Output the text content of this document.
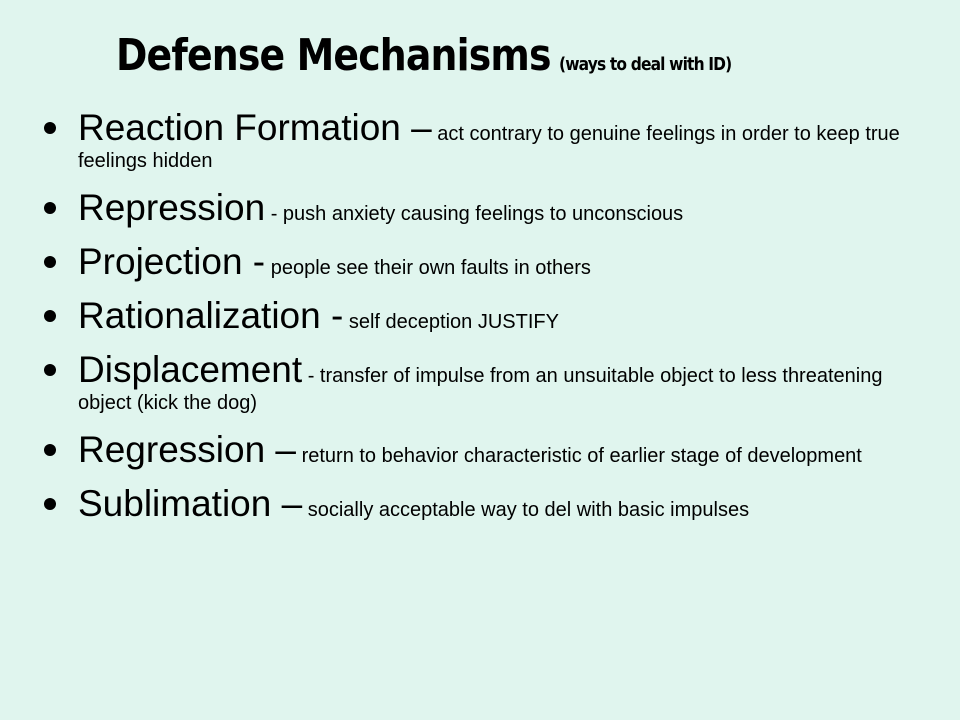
Defense Mechanisms (ways to deal with ID)
Reaction Formation – act contrary to genuine feelings in order to keep true feelings hidden
Repression - push anxiety causing feelings to unconscious
Projection - people see their own faults in others
Rationalization - self deception JUSTIFY
Displacement - transfer of impulse from an unsuitable object to less threatening object (kick the dog)
Regression – return to behavior characteristic of earlier stage of development
Sublimation – socially acceptable way to del with basic impulses
